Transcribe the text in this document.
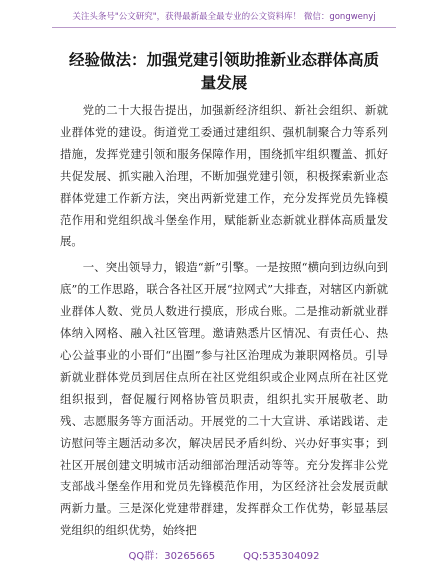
关注头条号"公文研究"，获得最新最全最专业的公文资料库！ 微信：gongwenyj
经验做法：加强党建引领助推新业态群体高质量发展

党的二十大报告提出，加强新经济组织、新社会组织、新就业群体党的建设。街道党工委通过建组织、强机制聚合力等系列措施，发挥党建引领和服务保障作用，围绕抓牢组织覆盖、抓好共促发展、抓实融入治理，不断加强党建引领，积极探索新业态群体党建工作新方法，突出两新党建工作，充分发挥党员先锋模范作用和党组织战斗堡垒作用，赋能新业态新就业群体高质量发展。

一、突出领导力，锻造“新”引擎。一是按照“横向到边纵向到底”的工作思路，联合各社区开展“拉网式”大排查，对辖区内新就业群体人数、党员人数进行摸底，形成台账。二是推动新就业群体纳入网格、融入社区管理。邀请熟悉片区情况、有责任心、热心公益事业的小哥们“出圈”参与社区治理成为兼职网格员。引导新就业群体党员到居住点所在社区党组织或企业网点所在社区党组织报到，督促履行网格协管员职责，组织扎实开展敬老、助残、志愿服务等方面活动。开展党的二十大宣讲、承诺践诺、走访慰问等主题活动多次，解决居民矛盾纠纷、兴办好事实事；到社区开展创建文明城市活动细部治理活动等等。充分发挥非公党支部战斗堡垒作用和党员先锋模范作用，为区经济社会发展贡献两新力量。三是深化党建带群建，发挥群众工作优势，彰显基层党组织的组织优势，始终把

QQ群：30265665	QQ:535304092
